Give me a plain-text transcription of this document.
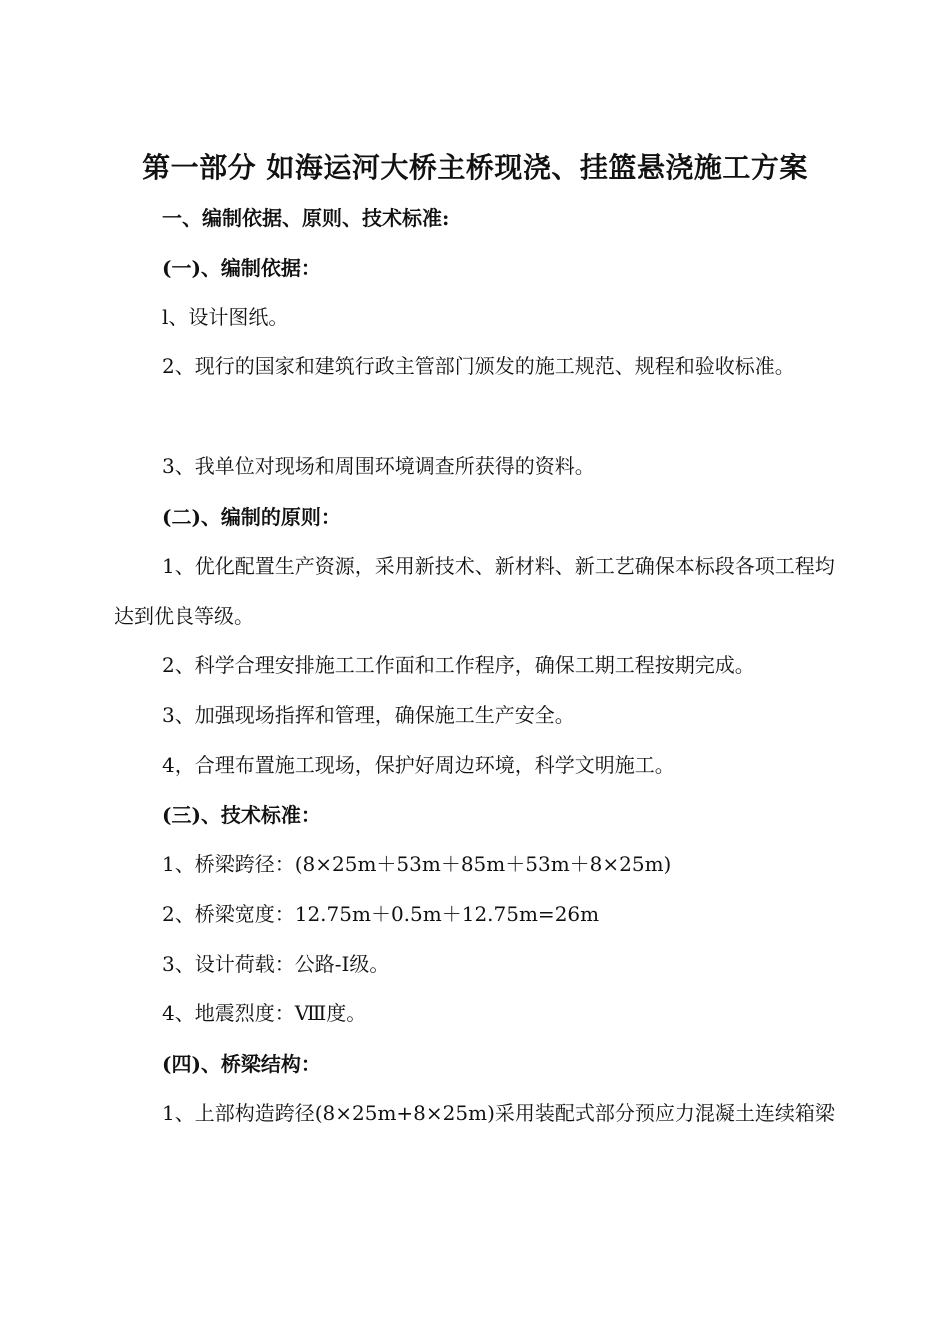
第一部分 如海运河大桥主桥现浇、挂篮悬浇施工方案
一、编制依据、原则、技术标准:
(一)、编制依据：
l、设计图纸。
2、现行的国家和建筑行政主管部门颁发的施工规范、规程和验收标准。
3、我单位对现场和周围环境调查所获得的资料。
(二)、编制的原则：
1、优化配置生产资源，采用新技术、新材料、新工艺确保本标段各项工程均达到优良等级。
2、科学合理安排施工工作面和工作程序，确保工期工程按期完成。
3、加强现场指挥和管理，确保施工生产安全。
4，合理布置施工现场，保护好周边环境，科学文明施工。
(三)、技术标准：
1、桥梁跨径：(8×25m＋53m＋85m＋53m＋8×25m)
2、桥梁宽度：12.75m＋0.5m＋12.75m=26m
3、设计荷载：公路-I级。
4、地震烈度：Ⅷ度。
(四)、桥梁结构：
1、上部构造跨径(8×25m+8×25m)采用装配式部分预应力混凝土连续箱梁
